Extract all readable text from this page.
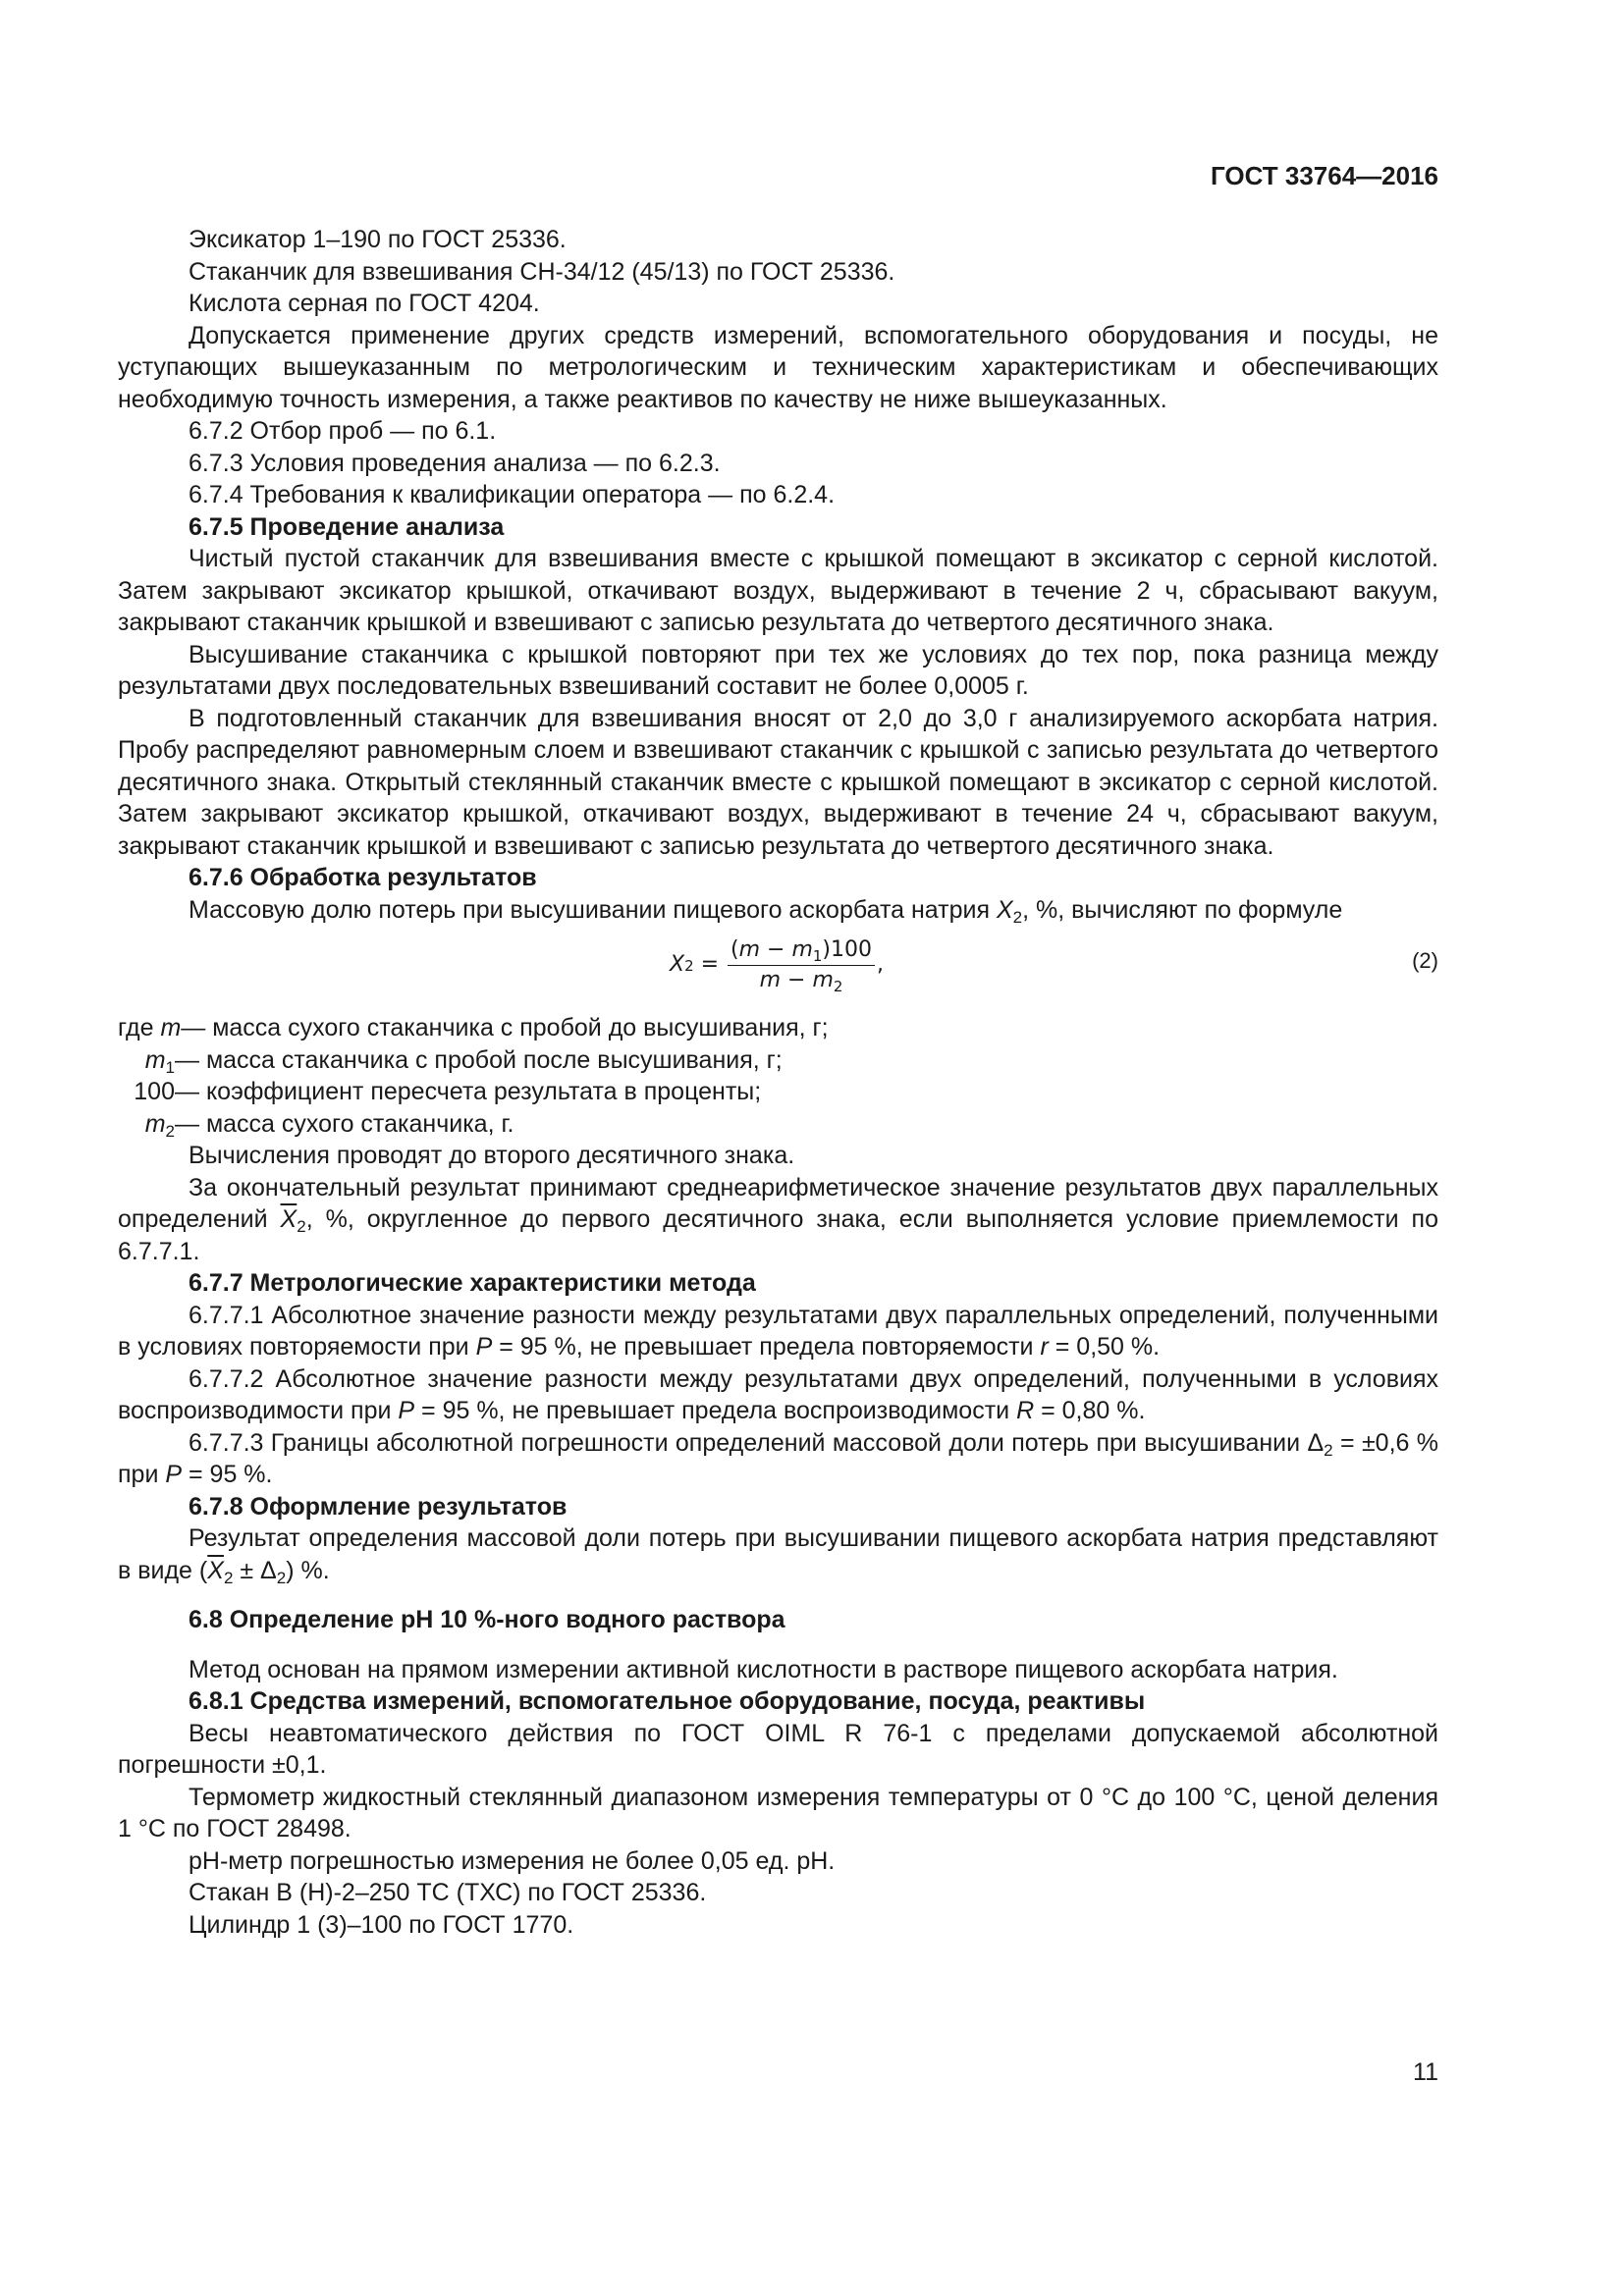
ГОСТ 33764—2016

Эксикатор 1–190 по ГОСТ 25336.

Стаканчик для взвешивания СН-34/12 (45/13) по ГОСТ 25336.

Кислота серная по ГОСТ 4204.

Допускается применение других средств измерений, вспомогательного оборудования и посуды, не уступающих вышеуказанным по метрологическим и техническим характеристикам и обеспечивающих необходимую точность измерения, а также реактивов по качеству не ниже вышеуказанных.

6.7.2 Отбор проб — по 6.1.

6.7.3 Условия проведения анализа — по 6.2.3.

6.7.4 Требования к квалификации оператора — по 6.2.4.

6.7.5 Проведение анализа

Чистый пустой стаканчик для взвешивания вместе с крышкой помещают в эксикатор с серной кислотой. Затем закрывают эксикатор крышкой, откачивают воздух, выдерживают в течение 2 ч, сбрасывают вакуум, закрывают стаканчик крышкой и взвешивают с записью результата до четвертого десятичного знака.

Высушивание стаканчика с крышкой повторяют при тех же условиях до тех пор, пока разница между результатами двух последовательных взвешиваний составит не более 0,0005 г.

В подготовленный стаканчик для взвешивания вносят от 2,0 до 3,0 г анализируемого аскорбата натрия. Пробу распределяют равномерным слоем и взвешивают стаканчик с крышкой с записью результата до четвертого десятичного знака. Открытый стеклянный стаканчик вместе с крышкой помещают в эксикатор с серной кислотой. Затем закрывают эксикатор крышкой, откачивают воздух, выдерживают в течение 24 ч, сбрасывают вакуум, закрывают стаканчик крышкой и взвешивают с записью результата до четвертого десятичного знака.

6.7.6 Обработка результатов

Массовую долю потерь при высушивании пищевого аскорбата натрия $X_2$, %, вычисляют по формуле

X $2 = \frac{(m - m_1)100}{m - m_2}$ ,	(2)
где m — масса сухого стаканчика с пробой до высушивания, г;
$m_1$ — масса стаканчика с пробой после высушивания, г;
100 — коэффициент пересчета результата в проценты;
$m_2$ — масса сухого стаканчика, г.

Вычисления проводят до второго десятичного знака.

За окончательный результат принимают среднеарифметическое значение результатов двух параллельных определений $\overline{X}_2$, %, округленное до первого десятичного знака, если выполняется условие приемлемости по 6.7.7.1.

6.7.7 Метрологические характеристики метода

6.7.7.1 Абсолютное значение разности между результатами двух параллельных определений, полученными в условиях повторяемости при P = 95 %, не превышает предела повторяемости r = 0,50 %.

6.7.7.2 Абсолютное значение разности между результатами двух определений, полученными в условиях воспроизводимости при P = 95 %, не превышает предела воспроизводимости R = 0,80 %.

6.7.7.3 Границы абсолютной погрешности определений массовой доли потерь при высушивании $\Delta_2 = \pm 0,6$ % при P = 95 %.

6.7.8 Оформление результатов

Результат определения массовой доли потерь при высушивании пищевого аскорбата натрия представляют в виде $(\overline{X}_2 \pm \Delta_2)$ %.

6.8 Определение pH 10 %-ного водного раствора

Метод основан на прямом измерении активной кислотности в растворе пищевого аскорбата натрия.

6.8.1 Средства измерений, вспомогательное оборудование, посуда, реактивы

Весы неавтоматического действия по ГОСТ OIML R 76-1 с пределами допускаемой абсолютной погрешности ±0,1.

Термометр жидкостный стеклянный диапазоном измерения температуры от 0 °С до 100 °С, ценой деления 1 °С по ГОСТ 28498.

pH-метр погрешностью измерения не более 0,05 ед. pH.

Стакан В (Н)-2–250 ТС (ТХС) по ГОСТ 25336.

Цилиндр 1 (3)–100 по ГОСТ 1770.

11
